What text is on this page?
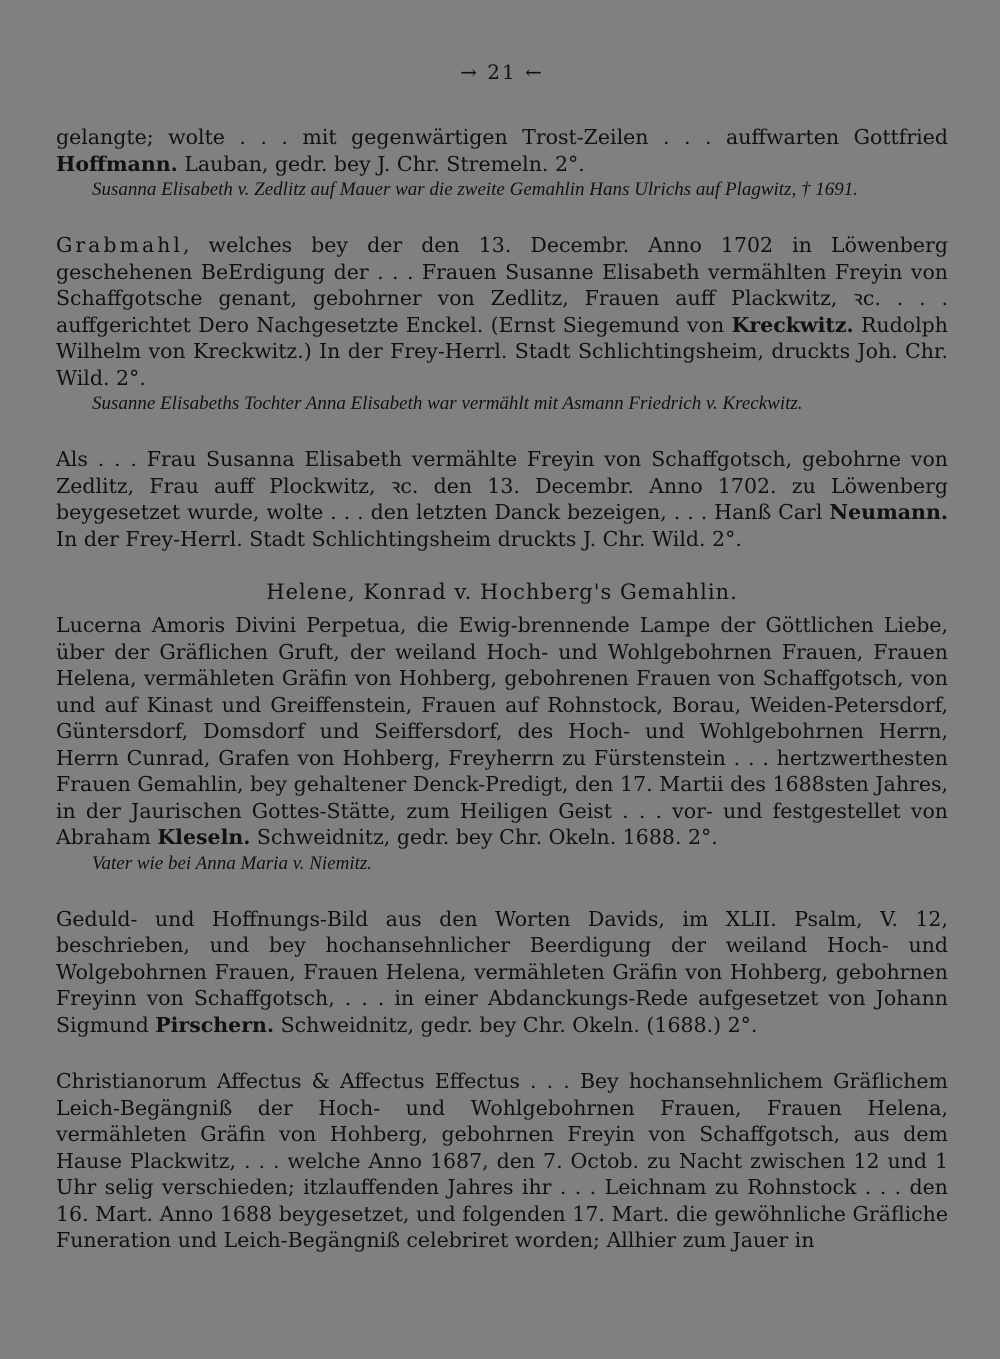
→ 21 ←

gelangte; wolte . . . mit gegenwärtigen Trost-Zeilen . . . auffwarten Gottfried Hoffmann. Lauban, gedr. bey J. Chr. Stremeln. 2°.

Susanna Elisabeth v. Zedlitz auf Mauer war die zweite Gemahlin Hans Ulrichs auf Plagwitz, † 1691.

Grabmahl, welches bey der den 13. Decembr. Anno 1702 in Löwenberg geschehenen BeErdigung der . . . Frauen Susanne Elisabeth vermählten Freyin von Schaffgotsche genant, gebohrner von Zedlitz, Frauen auff Plackwitz, ꝛc. . . . auffgerichtet Dero Nachgesetzte Enckel. (Ernst Siegemund von Kreckwitz. Rudolph Wilhelm von Kreckwitz.) In der Frey-Herrl. Stadt Schlichtingsheim, druckts Joh. Chr. Wild. 2°.

Susanne Elisabeths Tochter Anna Elisabeth war vermählt mit Asmann Friedrich v. Kreckwitz.

Als . . . Frau Susanna Elisabeth vermählte Freyin von Schaffgotsch, gebohrne von Zedlitz, Frau auff Plockwitz, ꝛc. den 13. Decembr. Anno 1702. zu Löwenberg beygesetzet wurde, wolte . . . den letzten Danck bezeigen, . . . Hanß Carl Neumann. In der Frey-Herrl. Stadt Schlichtingsheim druckts J. Chr. Wild. 2°.

Helene, Konrad v. Hochberg's Gemahlin.

Lucerna Amoris Divini Perpetua, die Ewig-brennende Lampe der Göttlichen Liebe, über der Gräflichen Gruft, der weiland Hoch- und Wohlgebohrnen Frauen, Frauen Helena, vermähleten Gräfin von Hohberg, gebohrenen Frauen von Schaffgotsch, von und auf Kinast und Greiffenstein, Frauen auf Rohnstock, Borau, Weiden-Petersdorf, Güntersdorf, Domsdorf und Seiffersdorf, des Hoch- und Wohlgebohrnen Herrn, Herrn Cunrad, Grafen von Hohberg, Freyherrn zu Fürstenstein . . . hertzwerthesten Frauen Gemahlin, bey gehaltener Denck-Predigt, den 17. Martii des 1688sten Jahres, in der Jaurischen Gottes-Stätte, zum Heiligen Geist . . . vor- und festgestellet von Abraham Kleseln. Schweidnitz, gedr. bey Chr. Okeln. 1688. 2°.

Vater wie bei Anna Maria v. Niemitz.

Geduld- und Hoffnungs-Bild aus den Worten Davids, im XLII. Psalm, V. 12, beschrieben, und bey hochansehnlicher Beerdigung der weiland Hoch- und Wolgebohrnen Frauen, Frauen Helena, vermähleten Gräfin von Hohberg, gebohrnen Freyinn von Schaffgotsch, . . . in einer Abdanckungs-Rede aufgesetzet von Johann Sigmund Pirschern. Schweidnitz, gedr. bey Chr. Okeln. (1688.) 2°.

Christianorum Affectus & Affectus Effectus . . . Bey hochansehnlichem Gräflichem Leich-Begängniß der Hoch- und Wohlgebohrnen Frauen, Frauen Helena, vermähleten Gräfin von Hohberg, gebohrnen Freyin von Schaffgotsch, aus dem Hause Plackwitz, . . . welche Anno 1687, den 7. Octob. zu Nacht zwischen 12 und 1 Uhr selig verschieden; itzlauffenden Jahres ihr . . . Leichnam zu Rohnstock . . . den 16. Mart. Anno 1688 beygesetzet, und folgenden 17. Mart. die gewöhnliche Gräfliche Funeration und Leich-Begängniß celebriret worden; Allhier zum Jauer in
